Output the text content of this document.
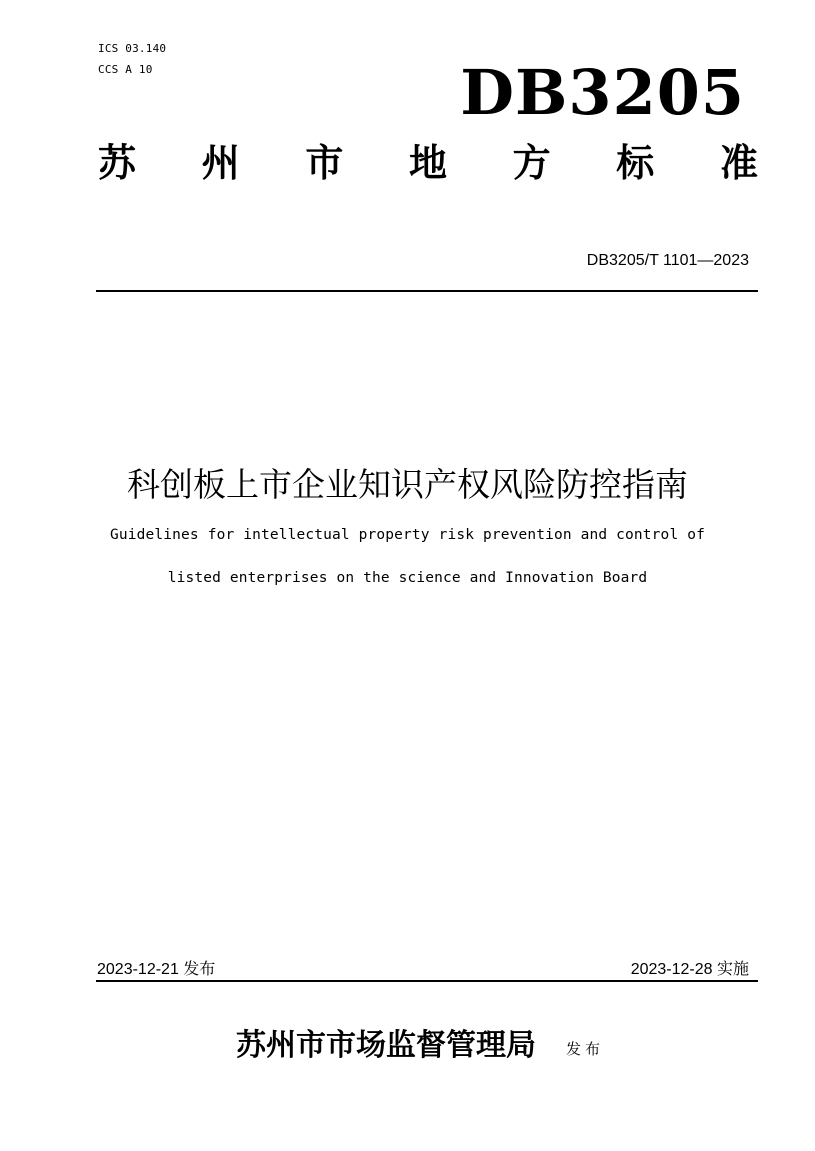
ICS 03.140
CCS A 10	DB3205
苏 州 市 地 方 标 准
DB3205/T 1101—2023
科创板上市企业知识产权风险防控指南
Guidelines for intellectual property risk prevention and control of
listed enterprises on the science and Innovation Board
2023-12-21 发布	2023-12-28 实施
苏州市市场监督管理局 发布
